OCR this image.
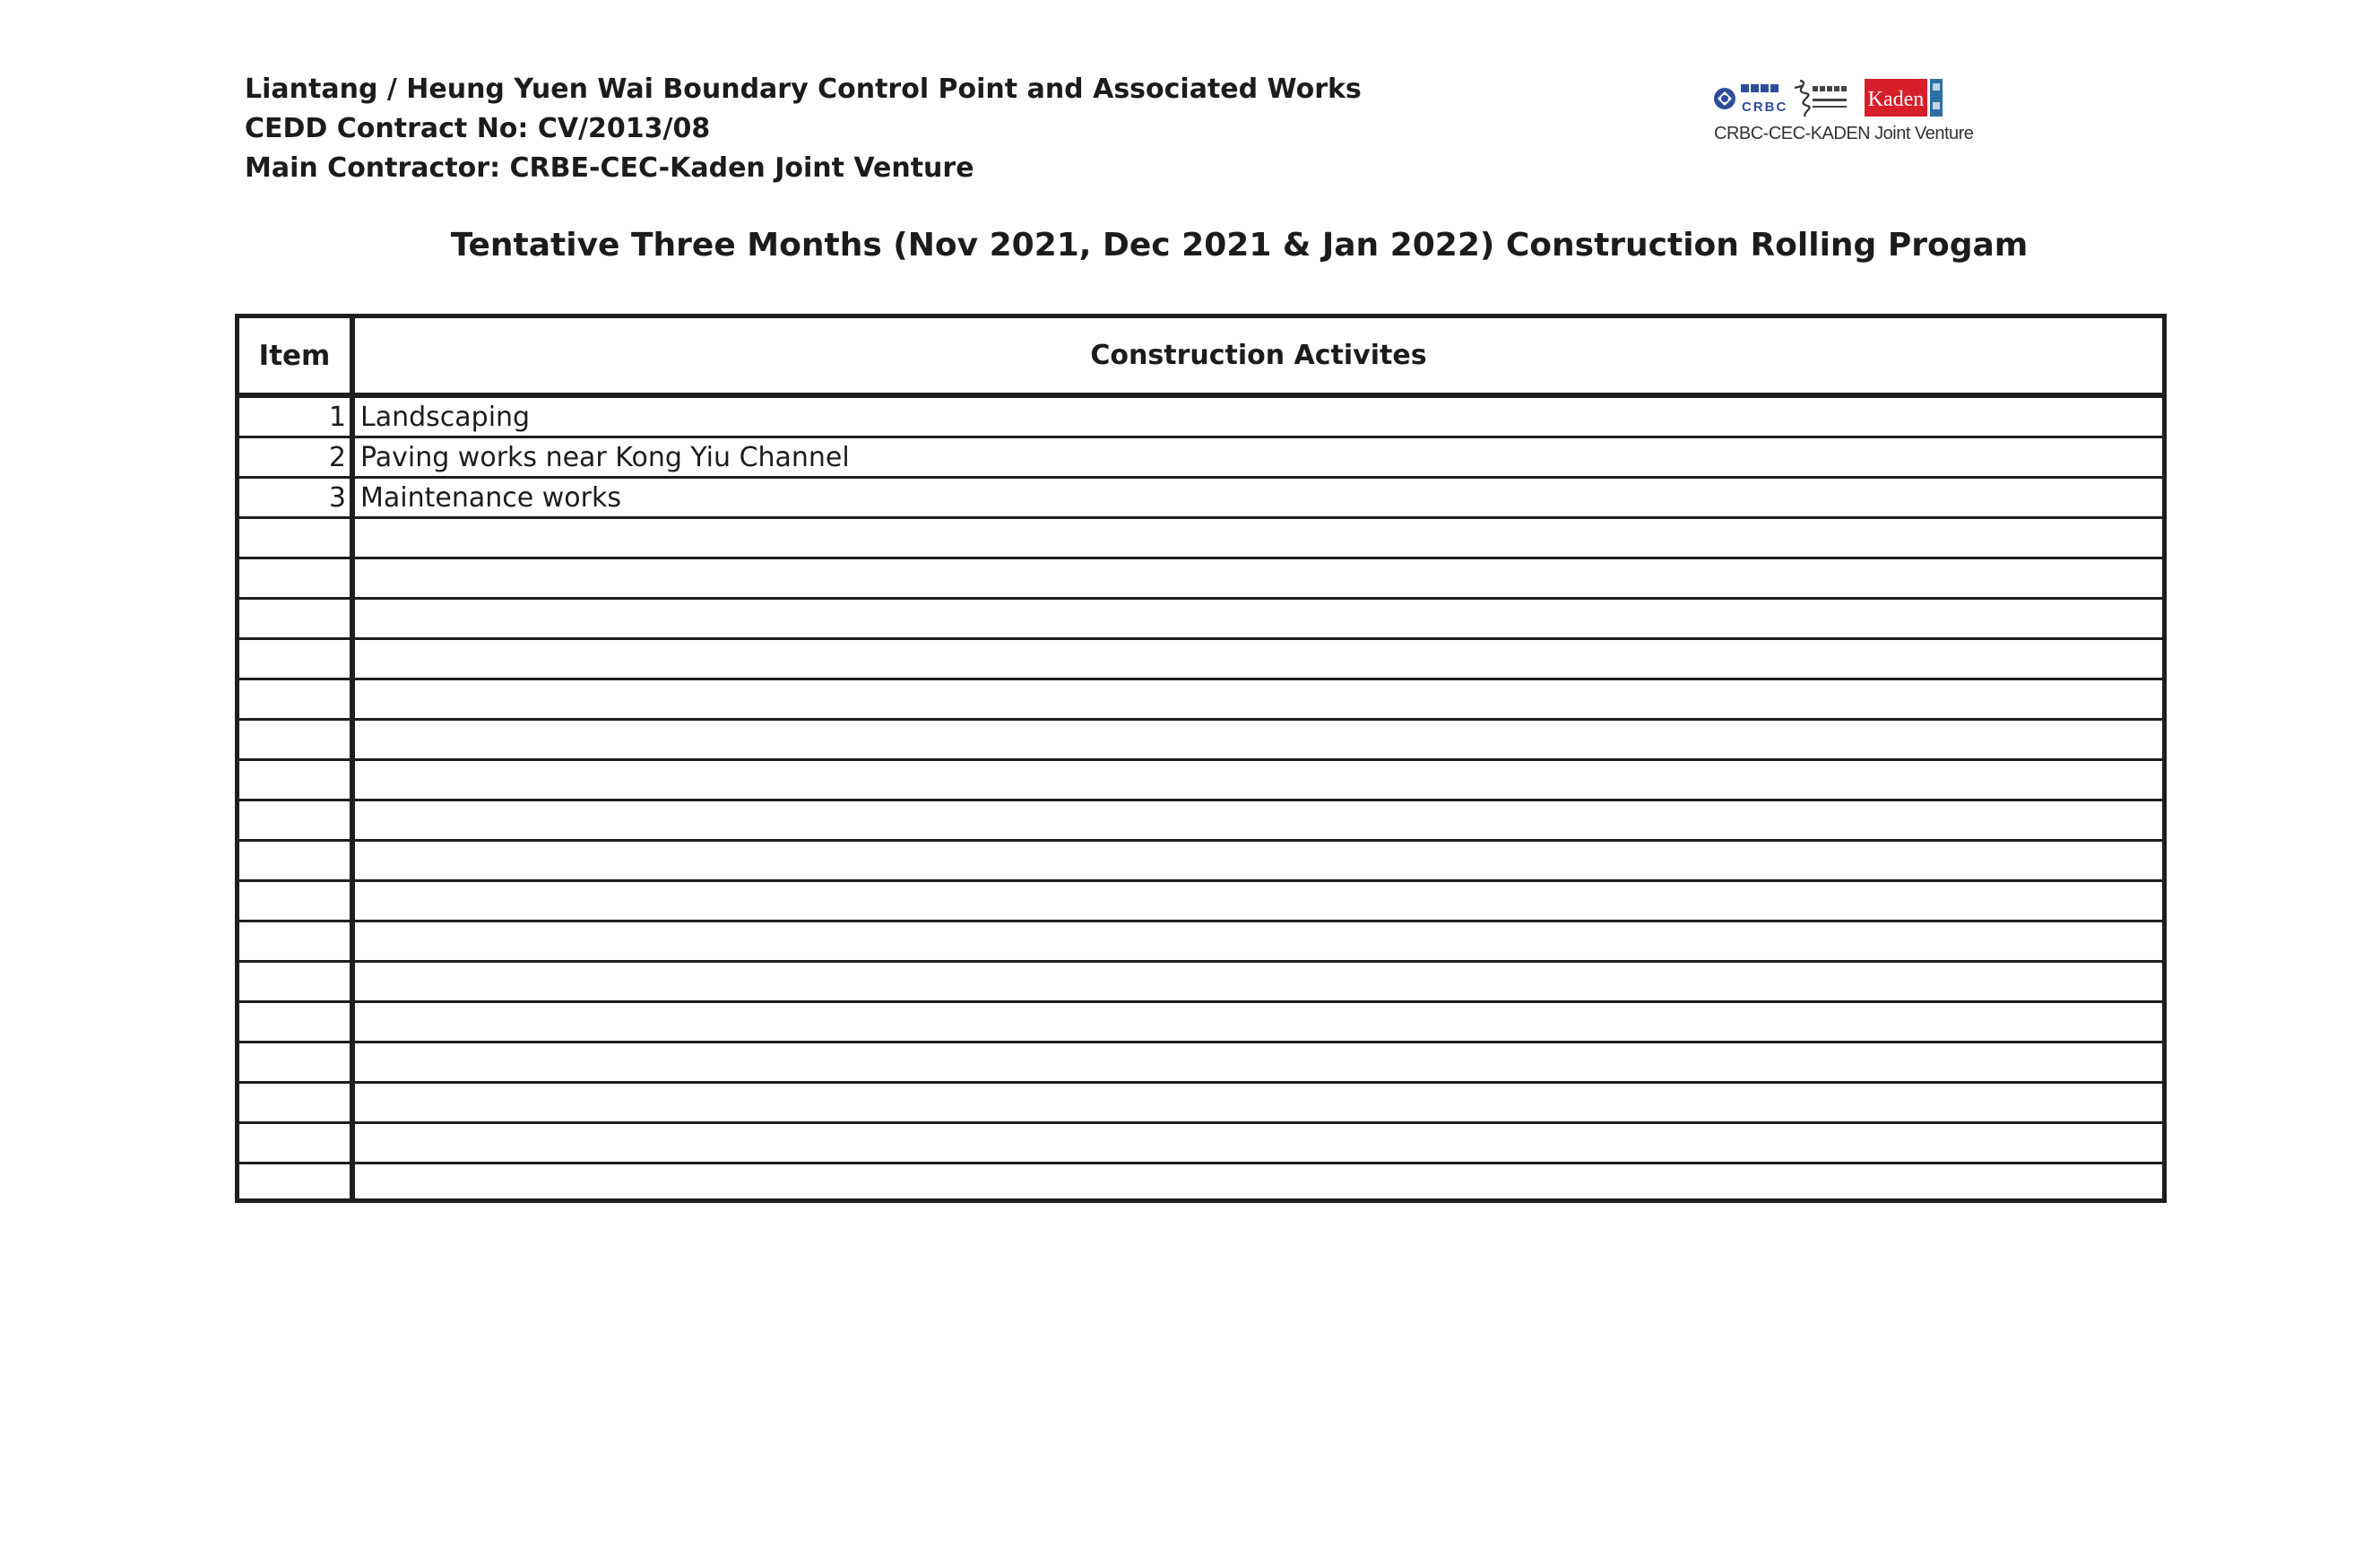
Liantang / Heung Yuen Wai Boundary Control Point and Associated Works
CEDD Contract No: CV/2013/08
Main Contractor: CRBE-CEC-Kaden Joint Venture
CRBC	Kaden
CRBC-CEC-KADEN Joint Venture
Tentative Three Months (Nov 2021, Dec 2021 & Jan 2022) Construction Rolling Progam
Item	Construction Activites
1	Landscaping
2	Paving works near Kong Yiu Channel
3	Maintenance works
